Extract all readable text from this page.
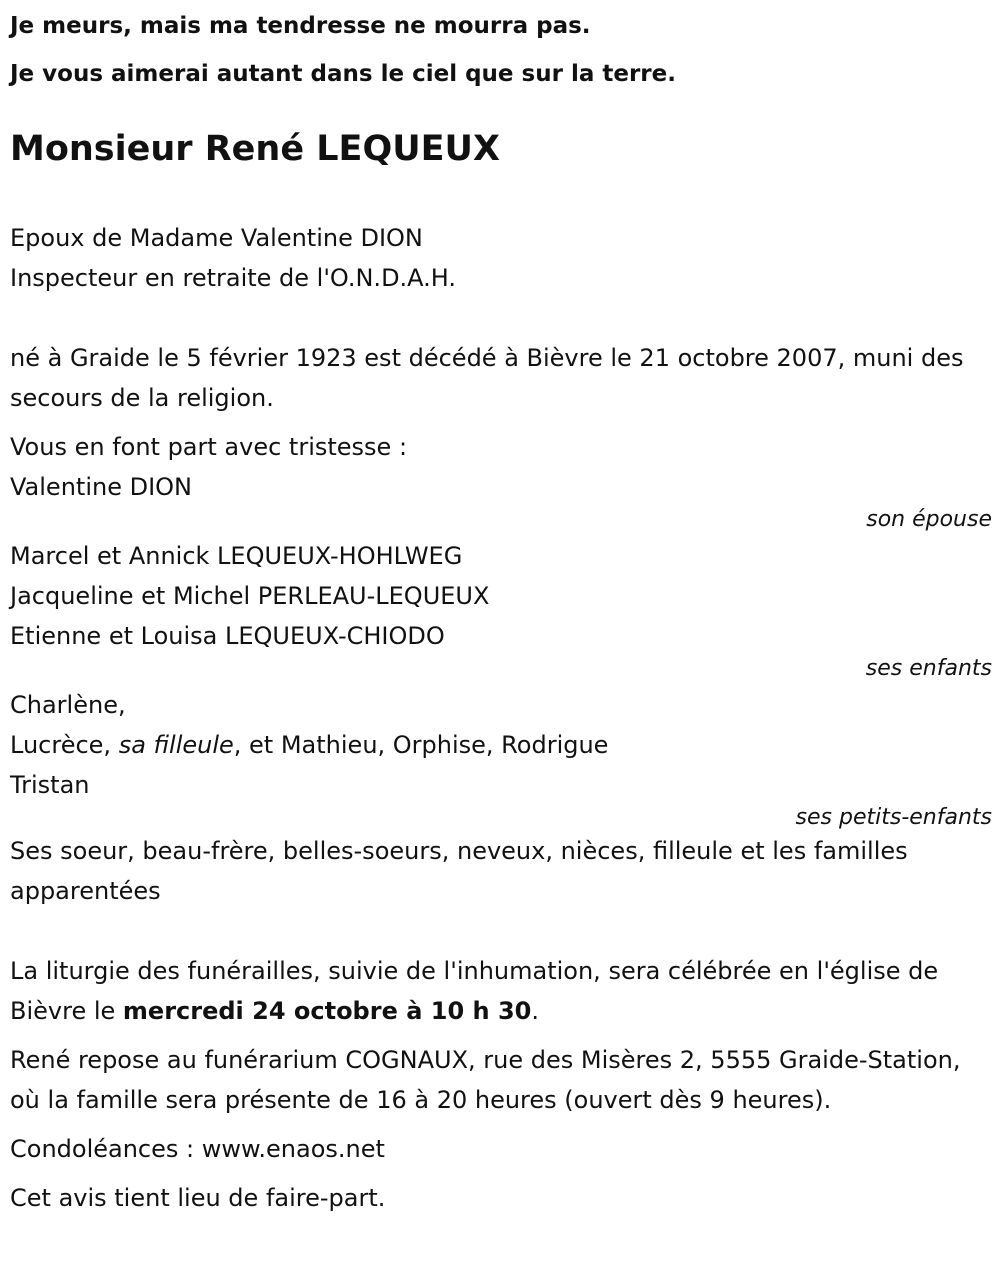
Je meurs, mais ma tendresse ne mourra pas.

Je vous aimerai autant dans le ciel que sur la terre.

Monsieur René LEQUEUX

Epoux de Madame Valentine DION

Inspecteur en retraite de l'O.N.D.A.H.

né à Graide le 5 février 1923 est décédé à Bièvre le 21 octobre 2007, muni des secours de la religion.

Vous en font part avec tristesse :

Valentine DION

son épouse

Marcel et Annick LEQUEUX-HOHLWEG

Jacqueline et Michel PERLEAU-LEQUEUX

Etienne et Louisa LEQUEUX-CHIODO

ses enfants

Charlène,

Lucrèce, sa filleule, et Mathieu, Orphise, Rodrigue

Tristan

ses petits-enfants

Ses soeur, beau-frère, belles-soeurs, neveux, nièces, filleule et les familles apparentées

La liturgie des funérailles, suivie de l'inhumation, sera célébrée en l'église de Bièvre le mercredi 24 octobre à 10 h 30.

René repose au funérarium COGNAUX, rue des Misères 2, 5555 Graide-Station, où la famille sera présente de 16 à 20 heures (ouvert dès 9 heures).

Condoléances : www.enaos.net

Cet avis tient lieu de faire-part.
